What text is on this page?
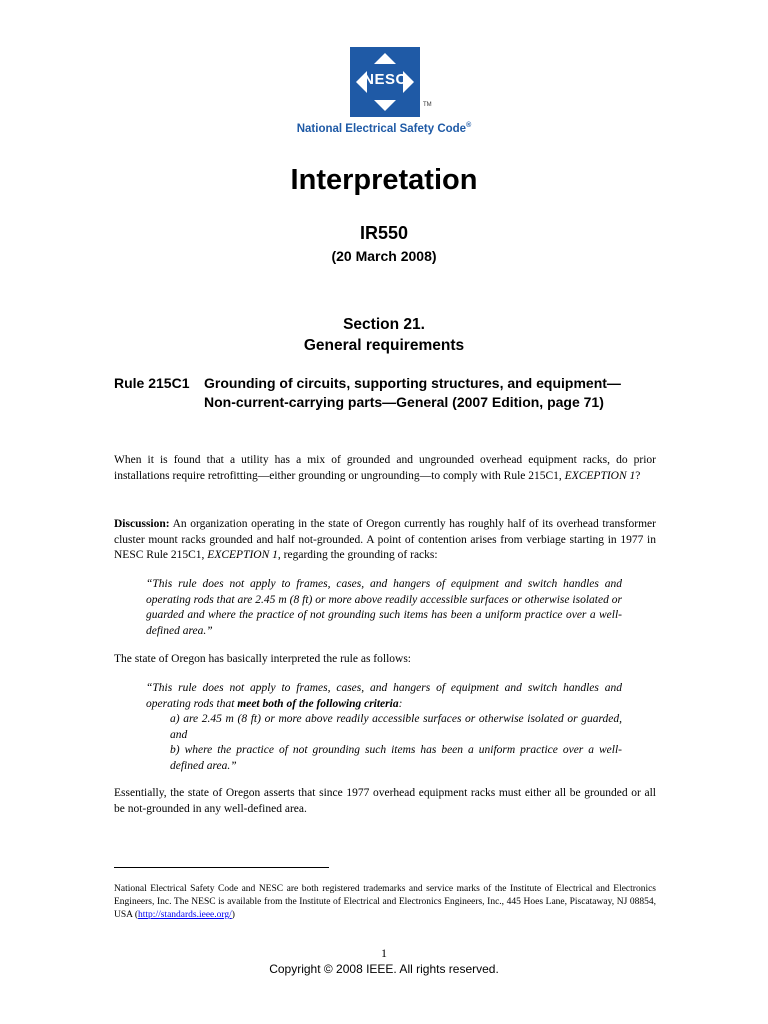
NESC
TM
National Electrical Safety Code®
Interpretation
IR550
(20 March 2008)
Section 21.
General requirements
Rule 215C1 Grounding of circuits, supporting structures, and equipment—
Non-current-carrying parts—General (2007 Edition, page 71)
When it is found that a utility has a mix of grounded and ungrounded overhead equipment racks, do prior installations require retrofitting—either grounding or ungrounding—to comply with Rule 215C1, EXCEPTION 1?
Discussion: An organization operating in the state of Oregon currently has roughly half of its overhead transformer cluster mount racks grounded and half not-grounded. A point of contention arises from verbiage starting in 1977 in NESC Rule 215C1, EXCEPTION 1, regarding the grounding of racks:
“This rule does not apply to frames, cases, and hangers of equipment and switch handles and operating rods that are 2.45 m (8 ft) or more above readily accessible surfaces or otherwise isolated or guarded and where the practice of not grounding such items has been a uniform practice over a well-defined area.”
The state of Oregon has basically interpreted the rule as follows:
“This rule does not apply to frames, cases, and hangers of equipment and switch handles and operating rods that meet both of the following criteria:
a) are 2.45 m (8 ft) or more above readily accessible surfaces or otherwise isolated or guarded, and
b) where the practice of not grounding such items has been a uniform practice over a well-defined area.”
Essentially, the state of Oregon asserts that since 1977 overhead equipment racks must either all be grounded or all be not-grounded in any well-defined area.
National Electrical Safety Code and NESC are both registered trademarks and service marks of the Institute of Electrical and Electronics Engineers, Inc. The NESC is available from the Institute of Electrical and Electronics Engineers, Inc., 445 Hoes Lane, Piscataway, NJ 08854, USA (http://standards.ieee.org/)
1
Copyright © 2008 IEEE. All rights reserved.
